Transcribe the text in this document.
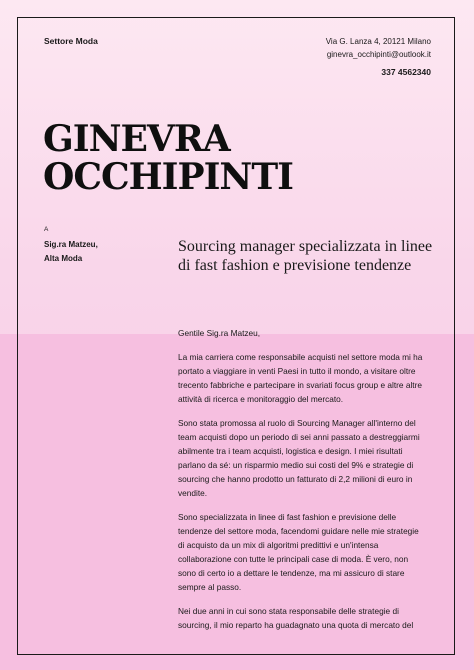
Settore Moda	Via G. Lanza 4, 20121 Milano
ginevra_occhipinti@outlook.it
337 4562340
GINEVRA
OCCHIPINTI
A
Sig.ra Matzeu,
Alta Moda
Sourcing manager specializzata in linee di fast fashion e previsione tendenze

Gentile Sig.ra Matzeu,

La mia carriera come responsabile acquisti nel settore moda mi ha portato a viaggiare in venti Paesi in tutto il mondo, a visitare oltre trecento fabbriche e partecipare in svariati focus group e altre altre attività di ricerca e monitoraggio del mercato.

Sono stata promossa al ruolo di Sourcing Manager all'interno del team acquisti dopo un periodo di sei anni passato a destreggiarmi abilmente tra i team acquisti, logistica e design. I miei risultati parlano da sé: un risparmio medio sui costi del 9% e strategie di sourcing che hanno prodotto un fatturato di 2,2 milioni di euro in vendite.

Sono specializzata in linee di fast fashion e previsione delle tendenze del settore moda, facendomi guidare nelle mie strategie di acquisto da un mix di algoritmi predittivi e un'intensa collaborazione con tutte le principali case di moda. È vero, non sono di certo io a dettare le tendenze, ma mi assicuro di stare sempre al passo.

Nei due anni in cui sono stata responsabile delle strategie di sourcing, il mio reparto ha guadagnato una quota di mercato del
